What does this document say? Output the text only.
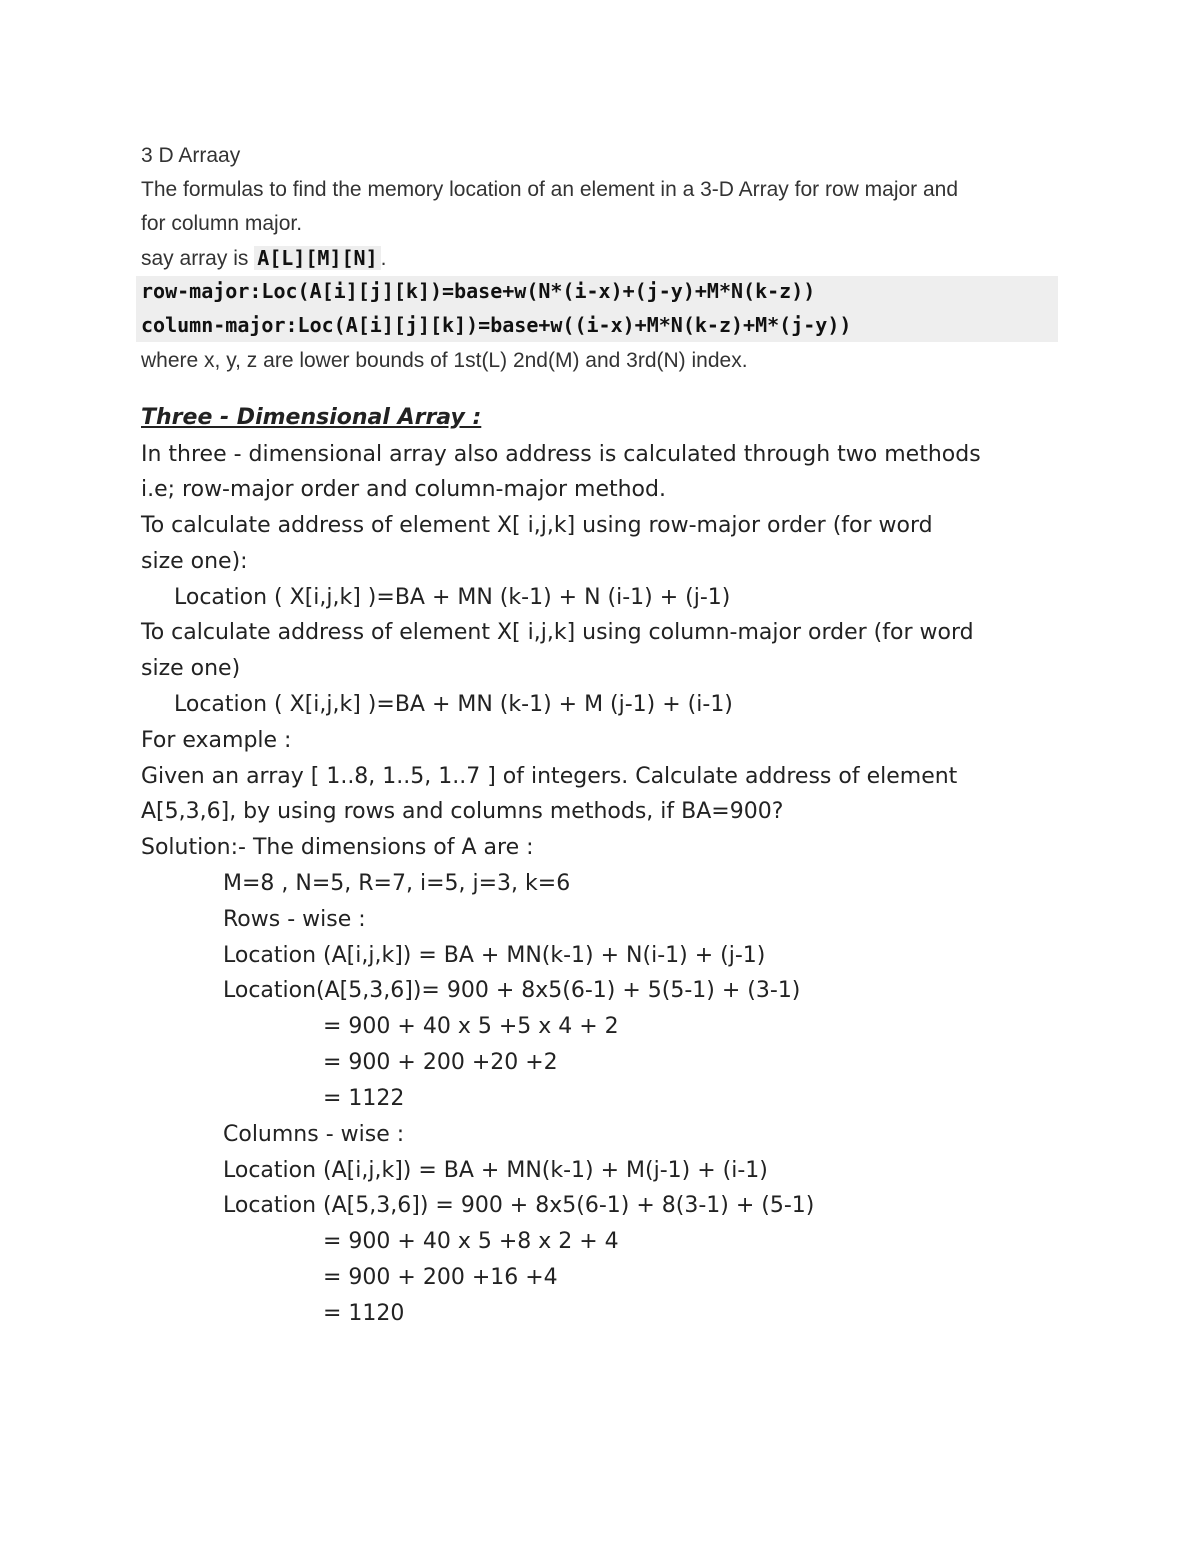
3 D Arraay
The formulas to find the memory location of an element in a 3-D Array for row major and
for column major.
say array is A[L][M][N] .
row-major:Loc(A[i][j][k])=base+w(N*(i-x)+(j-y)+M*N(k-z))
column-major:Loc(A[i][j][k])=base+w((i-x)+M*N(k-z)+M*(j-y))
where x, y, z are lower bounds of 1st(L) 2nd(M) and 3rd(N) index.
Three - Dimensional Array :
In three - dimensional array also address is calculated through two methods
i.e; row-major order and column-major method.
To calculate address of element X[ i,j,k] using row-major order (for word
size one):
Location ( X[i,j,k] )=BA + MN (k-1) + N (i-1) + (j-1)
To calculate address of element X[ i,j,k] using column-major order (for word
size one)
Location ( X[i,j,k] )=BA + MN (k-1) + M (j-1) + (i-1)
For example :
Given an array [ 1..8, 1..5, 1..7 ] of integers. Calculate address of element
A[5,3,6], by using rows and columns methods, if BA=900?
Solution:- The dimensions of A are :
M=8 , N=5, R=7, i=5, j=3, k=6
Rows - wise :
Location (A[i,j,k]) = BA + MN(k-1) + N(i-1) + (j-1)
Location(A[5,3,6])= 900 + 8x5(6-1) + 5(5-1) + (3-1)
= 900 + 40 x 5 +5 x 4 + 2
= 900 + 200 +20 +2
= 1122
Columns - wise :
Location (A[i,j,k]) = BA + MN(k-1) + M(j-1) + (i-1)
Location (A[5,3,6]) = 900 + 8x5(6-1) + 8(3-1) + (5-1)
= 900 + 40 x 5 +8 x 2 + 4
= 900 + 200 +16 +4
= 1120
